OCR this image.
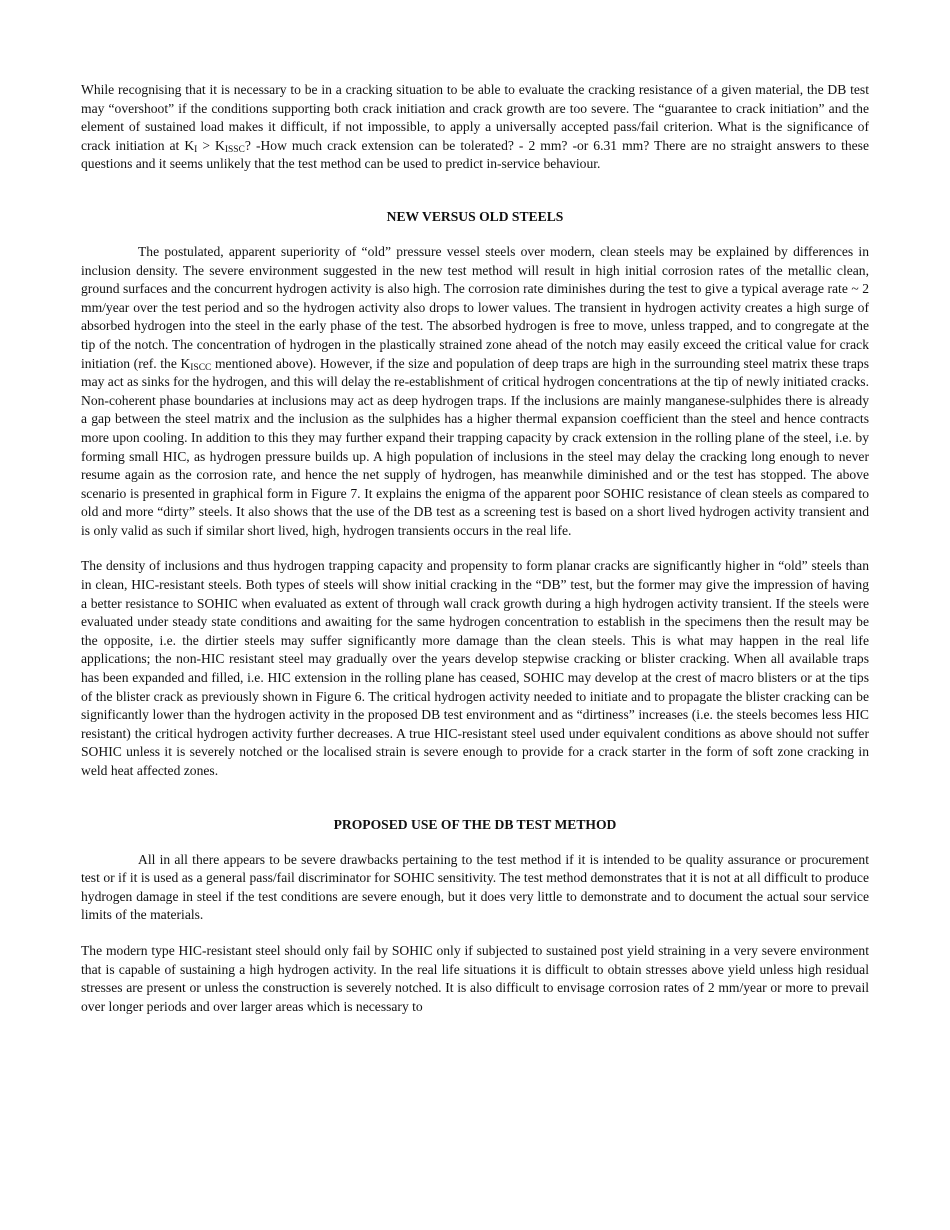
While recognising that it is necessary to be in a cracking situation to be able to evaluate the cracking resistance of a given material, the DB test may “overshoot” if the conditions supporting both crack initiation and crack growth are too severe. The “guarantee to crack initiation” and the element of sustained load makes it difficult, if not impossible, to apply a universally accepted pass/fail criterion. What is the significance of crack initiation at $K_I > K_{ISSC}$? -How much crack extension can be tolerated? - 2 mm? -or 6.31 mm? There are no straight answers to these questions and it seems unlikely that the test method can be used to predict in-service behaviour.

NEW VERSUS OLD STEELS

The postulated, apparent superiority of “old” pressure vessel steels over modern, clean steels may be explained by differences in inclusion density. The severe environment suggested in the new test method will result in high initial corrosion rates of the metallic clean, ground surfaces and the concurrent hydrogen activity is also high. The corrosion rate diminishes during the test to give a typical average rate ~ 2 mm/year over the test period and so the hydrogen activity also drops to lower values. The transient in hydrogen activity creates a high surge of absorbed hydrogen into the steel in the early phase of the test. The absorbed hydrogen is free to move, unless trapped, and to congregate at the tip of the notch. The concentration of hydrogen in the plastically strained zone ahead of the notch may easily exceed the critical value for crack initiation (ref. the $K_{ISCC}$ mentioned above). However, if the size and population of deep traps are high in the surrounding steel matrix these traps may act as sinks for the hydrogen, and this will delay the re-establishment of critical hydrogen concentrations at the tip of newly initiated cracks. Non-coherent phase boundaries at inclusions may act as deep hydrogen traps. If the inclusions are mainly manganese-sulphides there is already a gap between the steel matrix and the inclusion as the sulphides has a higher thermal expansion coefficient than the steel and hence contracts more upon cooling. In addition to this they may further expand their trapping capacity by crack extension in the rolling plane of the steel, i.e. by forming small HIC, as hydrogen pressure builds up. A high population of inclusions in the steel may delay the cracking long enough to never resume again as the corrosion rate, and hence the net supply of hydrogen, has meanwhile diminished and or the test has stopped. The above scenario is presented in graphical form in Figure 7. It explains the enigma of the apparent poor SOHIC resistance of clean steels as compared to old and more “dirty” steels. It also shows that the use of the DB test as a screening test is based on a short lived hydrogen activity transient and is only valid as such if similar short lived, high, hydrogen transients occurs in the real life.

The density of inclusions and thus hydrogen trapping capacity and propensity to form planar cracks are significantly higher in “old” steels than in clean, HIC-resistant steels. Both types of steels will show initial cracking in the “DB” test, but the former may give the impression of having a better resistance to SOHIC when evaluated as extent of through wall crack growth during a high hydrogen activity transient. If the steels were evaluated under steady state conditions and awaiting for the same hydrogen concentration to establish in the specimens then the result may be the opposite, i.e. the dirtier steels may suffer significantly more damage than the clean steels. This is what may happen in the real life applications; the non-HIC resistant steel may gradually over the years develop stepwise cracking or blister cracking. When all available traps has been expanded and filled, i.e. HIC extension in the rolling plane has ceased, SOHIC may develop at the crest of macro blisters or at the tips of the blister crack as previously shown in Figure 6. The critical hydrogen activity needed to initiate and to propagate the blister cracking can be significantly lower than the hydrogen activity in the proposed DB test environment and as “dirtiness” increases (i.e. the steels becomes less HIC resistant) the critical hydrogen activity further decreases. A true HIC-resistant steel used under equivalent conditions as above should not suffer SOHIC unless it is severely notched or the localised strain is severe enough to provide for a crack starter in the form of soft zone cracking in weld heat affected zones.

PROPOSED USE OF THE DB TEST METHOD

All in all there appears to be severe drawbacks pertaining to the test method if it is intended to be quality assurance or procurement test or if it is used as a general pass/fail discriminator for SOHIC sensitivity. The test method demonstrates that it is not at all difficult to produce hydrogen damage in steel if the test conditions are severe enough, but it does very little to demonstrate and to document the actual sour service limits of the materials.

The modern type HIC-resistant steel should only fail by SOHIC only if subjected to sustained post yield straining in a very severe environment that is capable of sustaining a high hydrogen activity. In the real life situations it is difficult to obtain stresses above yield unless high residual stresses are present or unless the construction is severely notched. It is also difficult to envisage corrosion rates of 2 mm/year or more to prevail over longer periods and over larger areas which is necessary to
